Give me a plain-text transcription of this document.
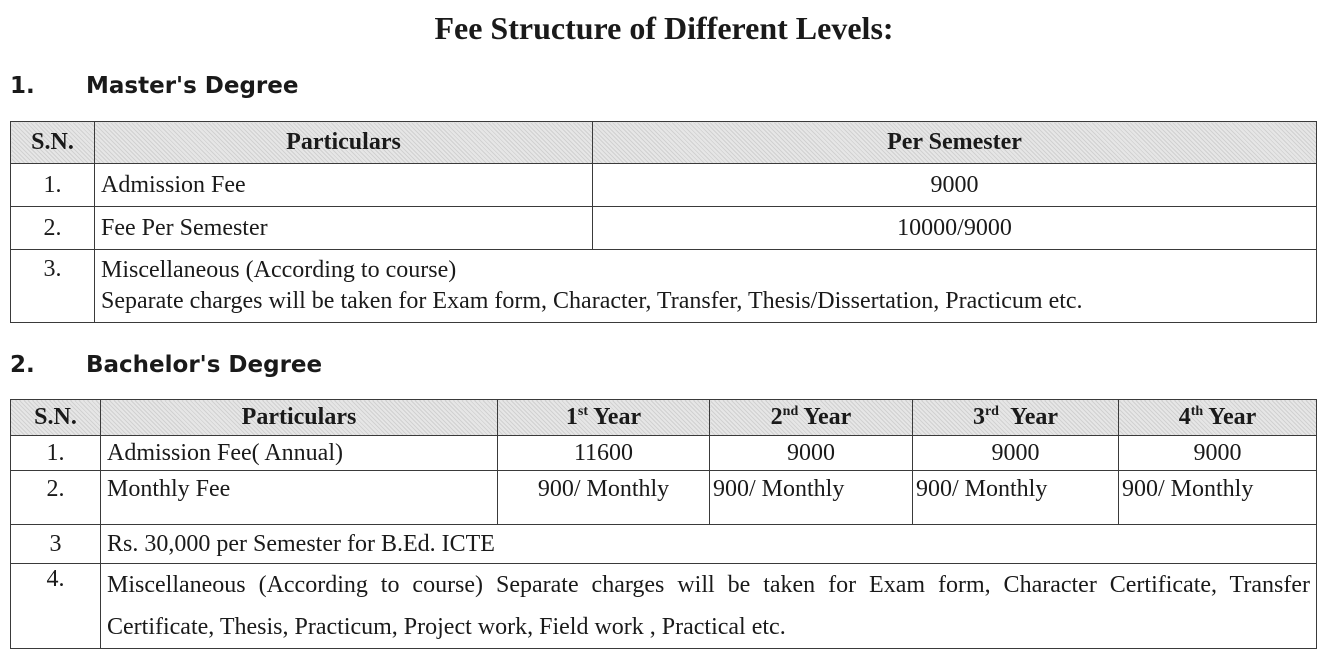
Fee Structure of Different Levels:
1. Master's Degree
S.N.	Particulars	Per Semester
1.	Admission Fee	9000
2.	Fee Per Semester	10000/9000
3.	Miscellaneous (According to course)
Separate charges will be taken for Exam form, Character, Transfer, Thesis/Dissertation, Practicum etc.	
2. Bachelor's Degree
S.N.	Particulars	1st Year	2nd Year	3rd  Year	4th Year
1.	Admission Fee( Annual)	11600	9000	9000	9000
2.	Monthly Fee	900/ Monthly	900/ Monthly	900/ Monthly	900/ Monthly
3	Rs. 30,000 per Semester for B.Ed. ICTE				
4.	Miscellaneous (According to course) Separate charges will be taken for Exam form, Character Certificate, Transfer Certificate, Thesis, Practicum, Project work, Field work , Practical etc.				
